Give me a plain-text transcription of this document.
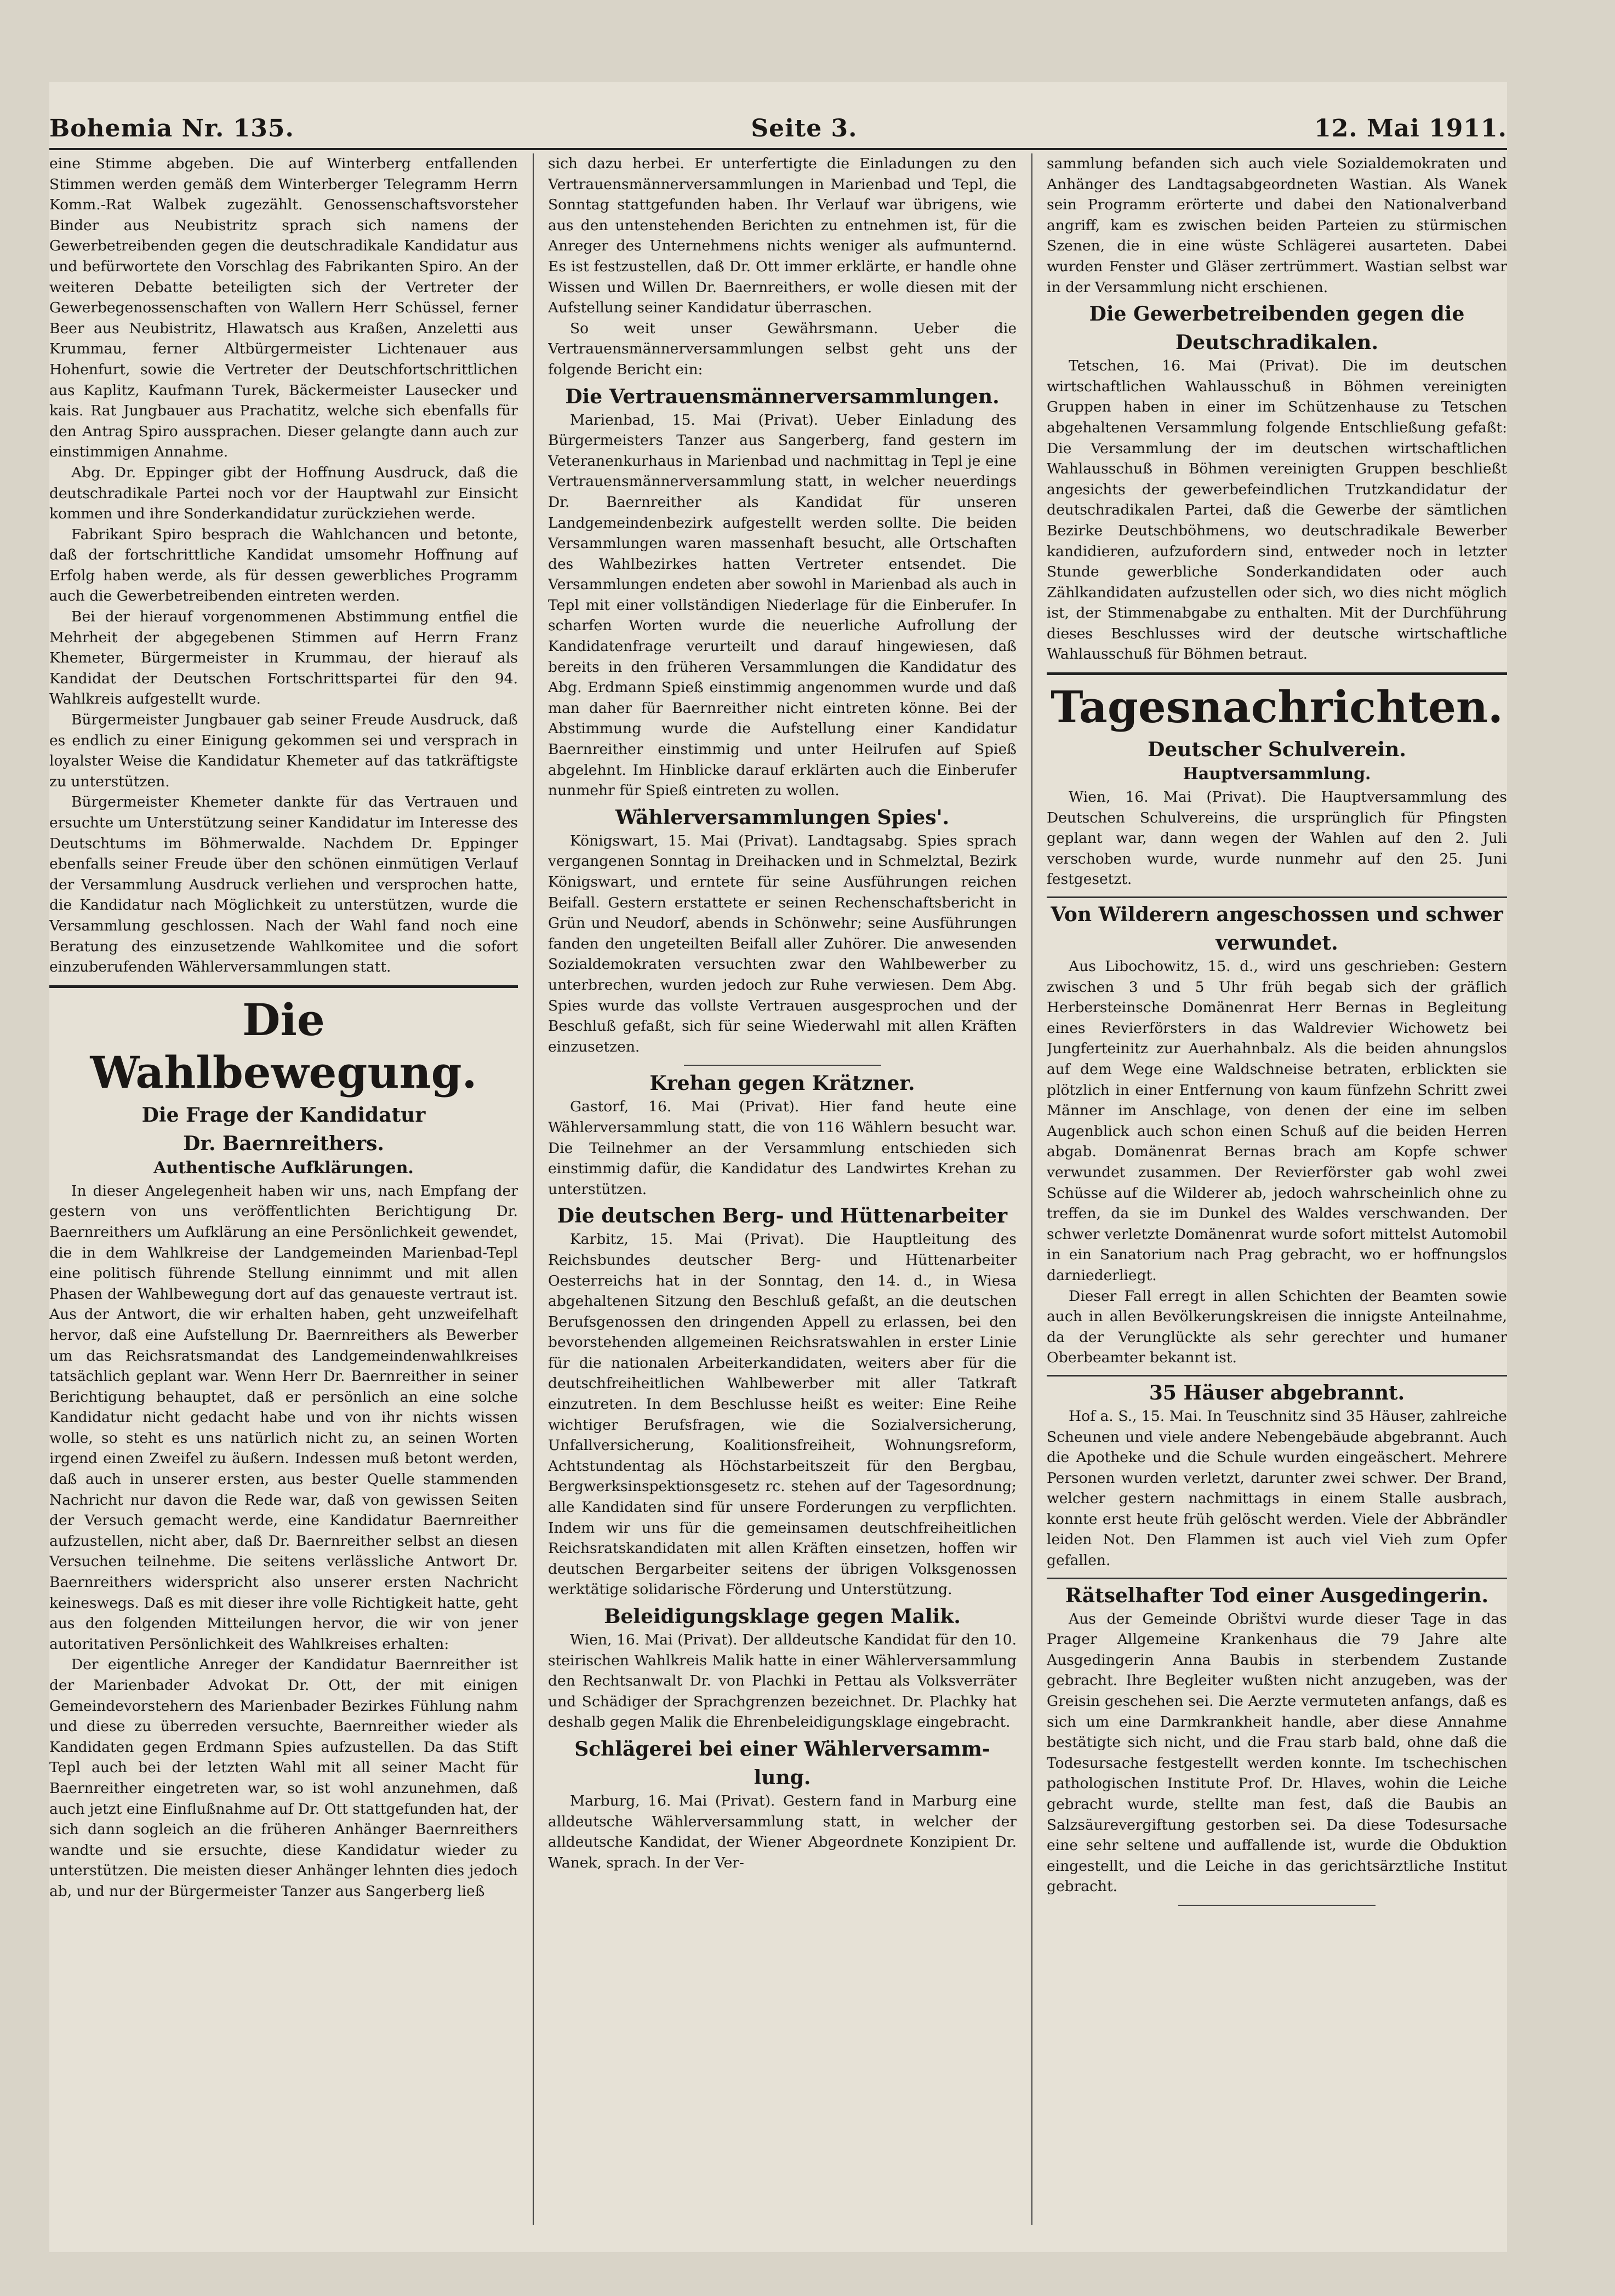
Bohemia Nr. 135.	Seite 3.	12. Mai 1911.

eine Stimme abgeben. Die auf Winterberg entfallenden Stimmen werden gemäß dem Winterberger Telegramm Herrn Komm.-Rat Walbek zugezählt. Genossenschaftsvorsteher Binder aus Neubistritz sprach sich namens der Gewerbetreibenden gegen die deutschradikale Kandidatur aus und befürwortete den Vorschlag des Fabrikanten Spiro. An der weiteren Debatte beteiligten sich der Vertreter der Gewerbegenossenschaften von Wallern Herr Schüssel, ferner Beer aus Neubistritz, Hlawatsch aus Kraßen, Anzeletti aus Krummau, ferner Altbürgermeister Lichtenauer aus Hohenfurt, sowie die Vertreter der Deutschfortschrittlichen aus Kaplitz, Kaufmann Turek, Bäckermeister Lausecker und kais. Rat Jungbauer aus Prachatitz, welche sich ebenfalls für den Antrag Spiro aussprachen. Dieser gelangte dann auch zur einstimmigen Annahme.

Abg. Dr. Eppinger gibt der Hoffnung Ausdruck, daß die deutschradikale Partei noch vor der Hauptwahl zur Einsicht kommen und ihre Sonderkandidatur zurückziehen werde.

Fabrikant Spiro besprach die Wahlchancen und betonte, daß der fortschrittliche Kandidat umsomehr Hoffnung auf Erfolg haben werde, als für dessen gewerbliches Programm auch die Gewerbetreibenden eintreten werden.

Bei der hierauf vorgenommenen Abstimmung entfiel die Mehrheit der abgegebenen Stimmen auf Herrn Franz Khemeter, Bürgermeister in Krummau, der hierauf als Kandidat der Deutschen Fortschrittspartei für den 94. Wahlkreis aufgestellt wurde.

Bürgermeister Jungbauer gab seiner Freude Ausdruck, daß es endlich zu einer Einigung gekommen sei und versprach in loyalster Weise die Kandidatur Khemeter auf das tatkräftigste zu unterstützen.

Bürgermeister Khemeter dankte für das Vertrauen und ersuchte um Unterstützung seiner Kandidatur im Interesse des Deutschtums im Böhmerwalde. Nachdem Dr. Eppinger ebenfalls seiner Freude über den schönen einmütigen Verlauf der Versammlung Ausdruck verliehen und versprochen hatte, die Kandidatur nach Möglichkeit zu unterstützen, wurde die Versammlung geschlossen. Nach der Wahl fand noch eine Beratung des einzusetzende Wahlkomitee und die sofort einzuberufenden Wählerversammlungen statt.

Die Wahlbewegung.
Die Frage der Kandidatur
Dr. Baernreithers.
Authentische Aufklärungen.

In dieser Angelegenheit haben wir uns, nach Empfang der gestern von uns veröffentlichten Berichtigung Dr. Baernreithers um Aufklärung an eine Persönlichkeit gewendet, die in dem Wahlkreise der Landgemeinden Marienbad-Tepl eine politisch führende Stellung einnimmt und mit allen Phasen der Wahlbewegung dort auf das genaueste vertraut ist. Aus der Antwort, die wir erhalten haben, geht unzweifelhaft hervor, daß eine Aufstellung Dr. Baernreithers als Bewerber um das Reichsratsmandat des Landgemeindenwahlkreises tatsächlich geplant war. Wenn Herr Dr. Baernreither in seiner Berichtigung behauptet, daß er persönlich an eine solche Kandidatur nicht gedacht habe und von ihr nichts wissen wolle, so steht es uns natürlich nicht zu, an seinen Worten irgend einen Zweifel zu äußern. Indessen muß betont werden, daß auch in unserer ersten, aus bester Quelle stammenden Nachricht nur davon die Rede war, daß von gewissen Seiten der Versuch gemacht werde, eine Kandidatur Baernreither aufzustellen, nicht aber, daß Dr. Baernreither selbst an diesen Versuchen teilnehme. Die seitens verlässliche Antwort Dr. Baernreithers widerspricht also unserer ersten Nachricht keineswegs. Daß es mit dieser ihre volle Richtigkeit hatte, geht aus den folgenden Mitteilungen hervor, die wir von jener autoritativen Persönlichkeit des Wahlkreises erhalten:

Der eigentliche Anreger der Kandidatur Baernreither ist der Marienbader Advokat Dr. Ott, der mit einigen Gemeindevorstehern des Marienbader Bezirkes Fühlung nahm und diese zu überreden versuchte, Baernreither wieder als Kandidaten gegen Erdmann Spies aufzustellen. Da das Stift Tepl auch bei der letzten Wahl mit all seiner Macht für Baernreither eingetreten war, so ist wohl anzunehmen, daß auch jetzt eine Einflußnahme auf Dr. Ott stattgefunden hat, der sich dann sogleich an die früheren Anhänger Baernreithers wandte und sie ersuchte, diese Kandidatur wieder zu unterstützen. Die meisten dieser Anhänger lehnten dies jedoch ab, und nur der Bürgermeister Tanzer aus Sangerberg ließ

sich dazu herbei. Er unterfertigte die Einladungen zu den Vertrauensmännerversammlungen in Marienbad und Tepl, die Sonntag stattgefunden haben. Ihr Verlauf war übrigens, wie aus den untenstehenden Berichten zu entnehmen ist, für die Anreger des Unternehmens nichts weniger als aufmunternd. Es ist festzustellen, daß Dr. Ott immer erklärte, er handle ohne Wissen und Willen Dr. Baernreithers, er wolle diesen mit der Aufstellung seiner Kandidatur überraschen.

So weit unser Gewährsmann. Ueber die Vertrauensmännerversammlungen selbst geht uns der folgende Bericht ein:

Die Vertrauensmännerversammlungen.

Marienbad, 15. Mai (Privat). Ueber Einladung des Bürgermeisters Tanzer aus Sangerberg, fand gestern im Veteranenkurhaus in Marienbad und nachmittag in Tepl je eine Vertrauensmännerversammlung statt, in welcher neuerdings Dr. Baernreither als Kandidat für unseren Landgemeindenbezirk aufgestellt werden sollte. Die beiden Versammlungen waren massenhaft besucht, alle Ortschaften des Wahlbezirkes hatten Vertreter entsendet. Die Versammlungen endeten aber sowohl in Marienbad als auch in Tepl mit einer vollständigen Niederlage für die Einberufer. In scharfen Worten wurde die neuerliche Aufrollung der Kandidatenfrage verurteilt und darauf hingewiesen, daß bereits in den früheren Versammlungen die Kandidatur des Abg. Erdmann Spieß einstimmig angenommen wurde und daß man daher für Baernreither nicht eintreten könne. Bei der Abstimmung wurde die Aufstellung einer Kandidatur Baernreither einstimmig und unter Heilrufen auf Spieß abgelehnt. Im Hinblicke darauf erklärten auch die Einberufer nunmehr für Spieß eintreten zu wollen.

Wählerversammlungen Spies'.

Königswart, 15. Mai (Privat). Landtagsabg. Spies sprach vergangenen Sonntag in Dreihacken und in Schmelztal, Bezirk Königswart, und erntete für seine Ausführungen reichen Beifall. Gestern erstattete er seinen Rechenschaftsbericht in Grün und Neudorf, abends in Schönwehr; seine Ausführungen fanden den ungeteilten Beifall aller Zuhörer. Die anwesenden Sozialdemokraten versuchten zwar den Wahlbewerber zu unterbrechen, wurden jedoch zur Ruhe verwiesen. Dem Abg. Spies wurde das vollste Vertrauen ausgesprochen und der Beschluß gefaßt, sich für seine Wiederwahl mit allen Kräften einzusetzen.

Krehan gegen Krätzner.

Gastorf, 16. Mai (Privat). Hier fand heute eine Wählerversammlung statt, die von 116 Wählern besucht war. Die Teilnehmer an der Versammlung entschieden sich einstimmig dafür, die Kandidatur des Landwirtes Krehan zu unterstützen.

Die deutschen Berg- und Hüttenarbeiter

Karbitz, 15. Mai (Privat). Die Hauptleitung des Reichsbundes deutscher Berg- und Hüttenarbeiter Oesterreichs hat in der Sonntag, den 14. d., in Wiesa abgehaltenen Sitzung den Beschluß gefaßt, an die deutschen Berufsgenossen den dringenden Appell zu erlassen, bei den bevorstehenden allgemeinen Reichsratswahlen in erster Linie für die nationalen Arbeiterkandidaten, weiters aber für die deutschfreiheitlichen Wahlbewerber mit aller Tatkraft einzutreten. In dem Beschlusse heißt es weiter: Eine Reihe wichtiger Berufsfragen, wie die Sozialversicherung, Unfallversicherung, Koalitionsfreiheit, Wohnungsreform, Achtstundentag als Höchstarbeitszeit für den Bergbau, Bergwerksinspektionsgesetz rc. stehen auf der Tagesordnung; alle Kandidaten sind für unsere Forderungen zu verpflichten. Indem wir uns für die gemeinsamen deutschfreiheitlichen Reichsratskandidaten mit allen Kräften einsetzen, hoffen wir deutschen Bergarbeiter seitens der übrigen Volksgenossen werktätige solidarische Förderung und Unterstützung.

Beleidigungsklage gegen Malik.

Wien, 16. Mai (Privat). Der alldeutsche Kandidat für den 10. steirischen Wahlkreis Malik hatte in einer Wählerversammlung den Rechtsanwalt Dr. von Plachki in Pettau als Volksverräter und Schädiger der Sprachgrenzen bezeichnet. Dr. Plachky hat deshalb gegen Malik die Ehrenbeleidigungsklage eingebracht.

Schlägerei bei einer Wählerversamm-
lung.

Marburg, 16. Mai (Privat). Gestern fand in Marburg eine alldeutsche Wählerversammlung statt, in welcher der alldeutsche Kandidat, der Wiener Abgeordnete Konzipient Dr. Wanek, sprach. In der Ver-

sammlung befanden sich auch viele Sozialdemokraten und Anhänger des Landtagsabgeordneten Wastian. Als Wanek sein Programm erörterte und dabei den Nationalverband angriff, kam es zwischen beiden Parteien zu stürmischen Szenen, die in eine wüste Schlägerei ausarteten. Dabei wurden Fenster und Gläser zertrümmert. Wastian selbst war in der Versammlung nicht erschienen.

Die Gewerbetreibenden gegen die
Deutschradikalen.

Tetschen, 16. Mai (Privat). Die im deutschen wirtschaftlichen Wahlausschuß in Böhmen vereinigten Gruppen haben in einer im Schützenhause zu Tetschen abgehaltenen Versammlung folgende Entschließung gefaßt: Die Versammlung der im deutschen wirtschaftlichen Wahlausschuß in Böhmen vereinigten Gruppen beschließt angesichts der gewerbefeindlichen Trutzkandidatur der deutschradikalen Partei, daß die Gewerbe der sämtlichen Bezirke Deutschböhmens, wo deutschradikale Bewerber kandidieren, aufzufordern sind, entweder noch in letzter Stunde gewerbliche Sonderkandidaten oder auch Zählkandidaten aufzustellen oder sich, wo dies nicht möglich ist, der Stimmenabgabe zu enthalten. Mit der Durchführung dieses Beschlusses wird der deutsche wirtschaftliche Wahlausschuß für Böhmen betraut.

Tagesnachrichten.
Deutscher Schulverein.
Hauptversammlung.

Wien, 16. Mai (Privat). Die Hauptversammlung des Deutschen Schulvereins, die ursprünglich für Pfingsten geplant war, dann wegen der Wahlen auf den 2. Juli verschoben wurde, wurde nunmehr auf den 25. Juni festgesetzt.

Von Wilderern angeschossen und schwer
verwundet.

Aus Libochowitz, 15. d., wird uns geschrieben: Gestern zwischen 3 und 5 Uhr früh begab sich der gräflich Herbersteinsche Domänenrat Herr Bernas in Begleitung eines Revierförsters in das Waldrevier Wichowetz bei Jungferteinitz zur Auerhahnbalz. Als die beiden ahnungslos auf dem Wege eine Waldschneise betraten, erblickten sie plötzlich in einer Entfernung von kaum fünfzehn Schritt zwei Männer im Anschlage, von denen der eine im selben Augenblick auch schon einen Schuß auf die beiden Herren abgab. Domänenrat Bernas brach am Kopfe schwer verwundet zusammen. Der Revierförster gab wohl zwei Schüsse auf die Wilderer ab, jedoch wahrscheinlich ohne zu treffen, da sie im Dunkel des Waldes verschwanden. Der schwer verletzte Domänenrat wurde sofort mittelst Automobil in ein Sanatorium nach Prag gebracht, wo er hoffnungslos darniederliegt.

Dieser Fall erregt in allen Schichten der Beamten sowie auch in allen Bevölkerungskreisen die innigste Anteilnahme, da der Verunglückte als sehr gerechter und humaner Oberbeamter bekannt ist.

35 Häuser abgebrannt.

Hof a. S., 15. Mai. In Teuschnitz sind 35 Häuser, zahlreiche Scheunen und viele andere Nebengebäude abgebrannt. Auch die Apotheke und die Schule wurden eingeäschert. Mehrere Personen wurden verletzt, darunter zwei schwer. Der Brand, welcher gestern nachmittags in einem Stalle ausbrach, konnte erst heute früh gelöscht werden. Viele der Abbrändler leiden Not. Den Flammen ist auch viel Vieh zum Opfer gefallen.

Rätselhafter Tod einer Ausgedingerin.

Aus der Gemeinde Obrištvi wurde dieser Tage in das Prager Allgemeine Krankenhaus die 79 Jahre alte Ausgedingerin Anna Baubis in sterbendem Zustande gebracht. Ihre Begleiter wußten nicht anzugeben, was der Greisin geschehen sei. Die Aerzte vermuteten anfangs, daß es sich um eine Darmkrankheit handle, aber diese Annahme bestätigte sich nicht, und die Frau starb bald, ohne daß die Todesursache festgestellt werden konnte. Im tschechischen pathologischen Institute Prof. Dr. Hlaves, wohin die Leiche gebracht wurde, stellte man fest, daß die Baubis an Salzsäurevergiftung gestorben sei. Da diese Todesursache eine sehr seltene und auffallende ist, wurde die Obduktion eingestellt, und die Leiche in das gerichtsärztliche Institut gebracht.
